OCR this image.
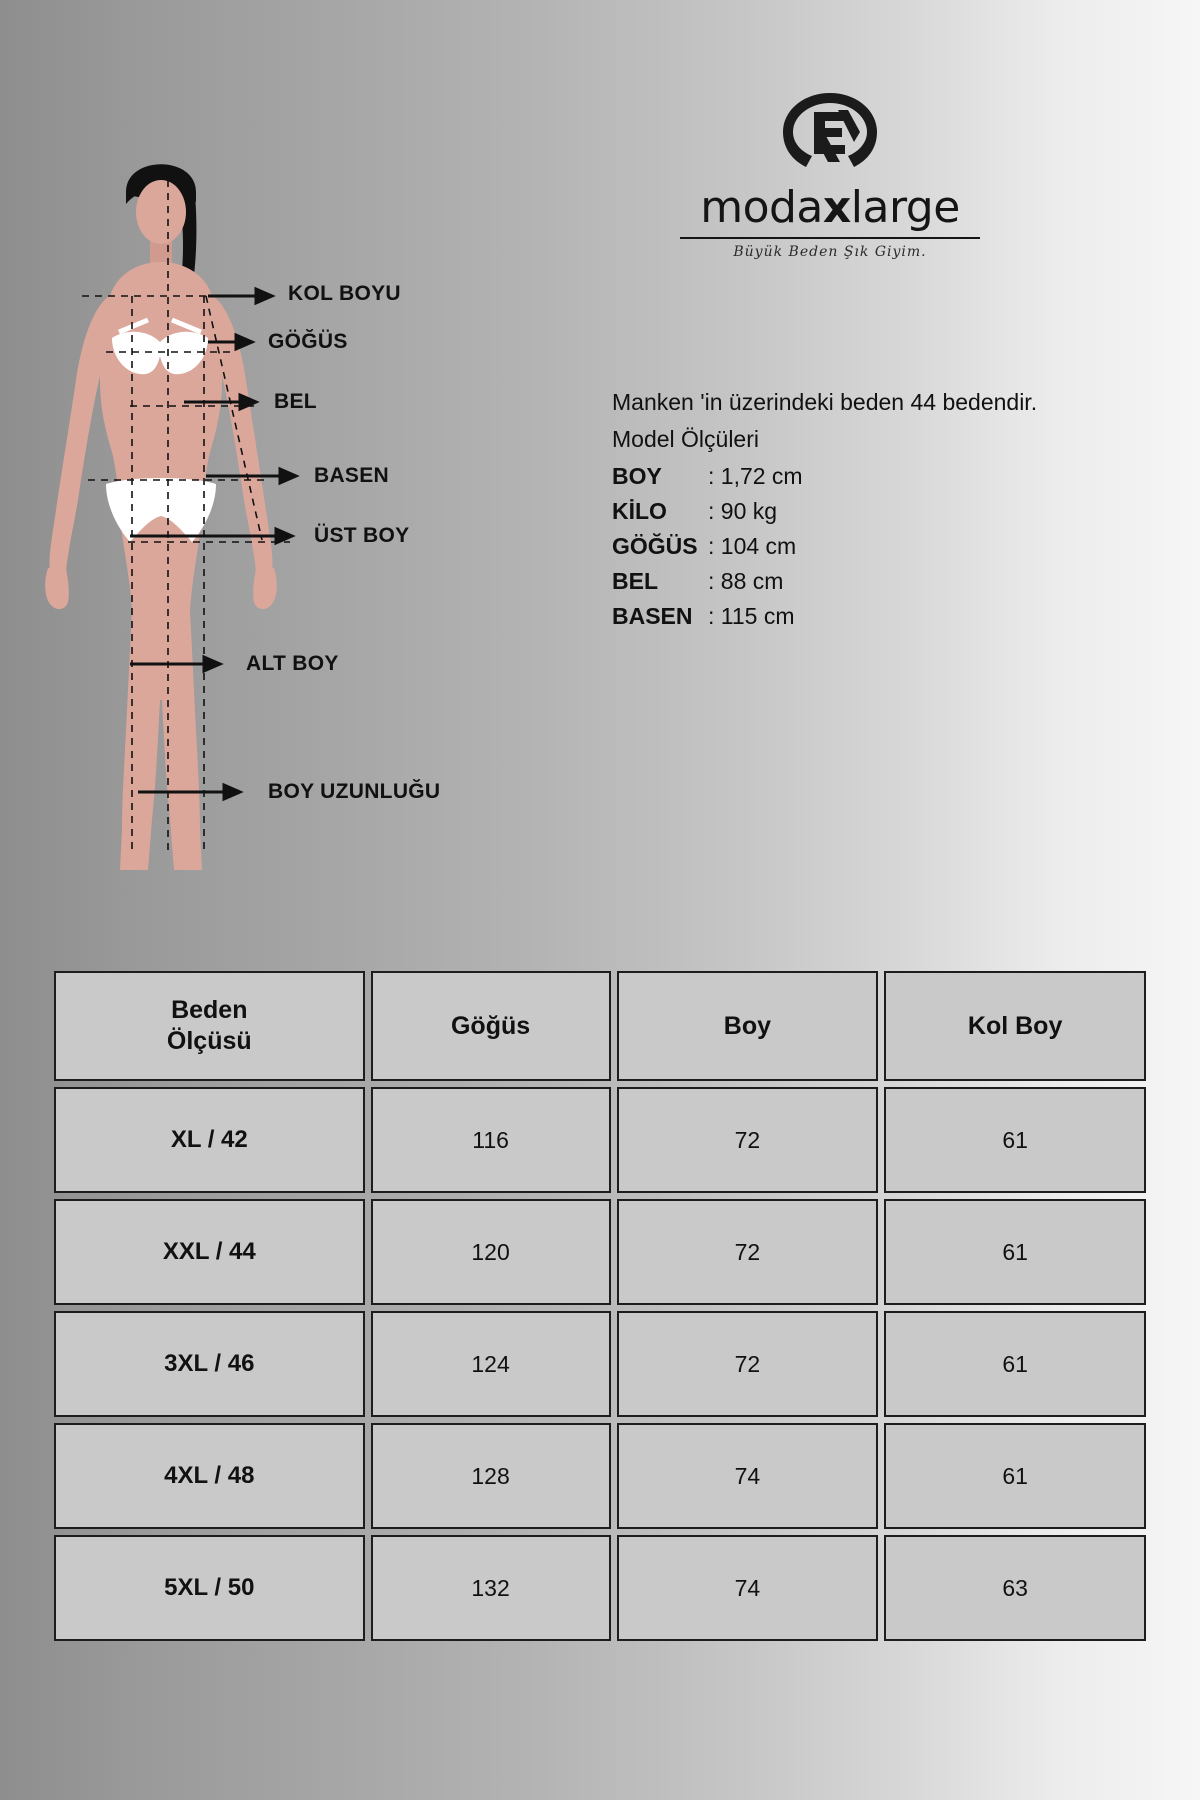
KOL BOYU
GÖĞÜS
BEL
BASEN
ÜST BOY
ALT BOY
BOY UZUNLUĞU
modaxlarge
Büyük Beden Şık Giyim.
Manken 'in üzerindeki beden 44 bedendir.
Model Ölçüleri
BOY : 1,72 cm
KİLO : 90 kg
GÖĞÜS : 104 cm
BEL : 88 cm
BASEN : 115 cm
Beden
Ölçüsü	Göğüs	Boy	Kol Boy
XL / 42	116	72	61
XXL / 44	120	72	61
3XL / 46	124	72	61
4XL / 48	128	74	61
5XL / 50	132	74	63
